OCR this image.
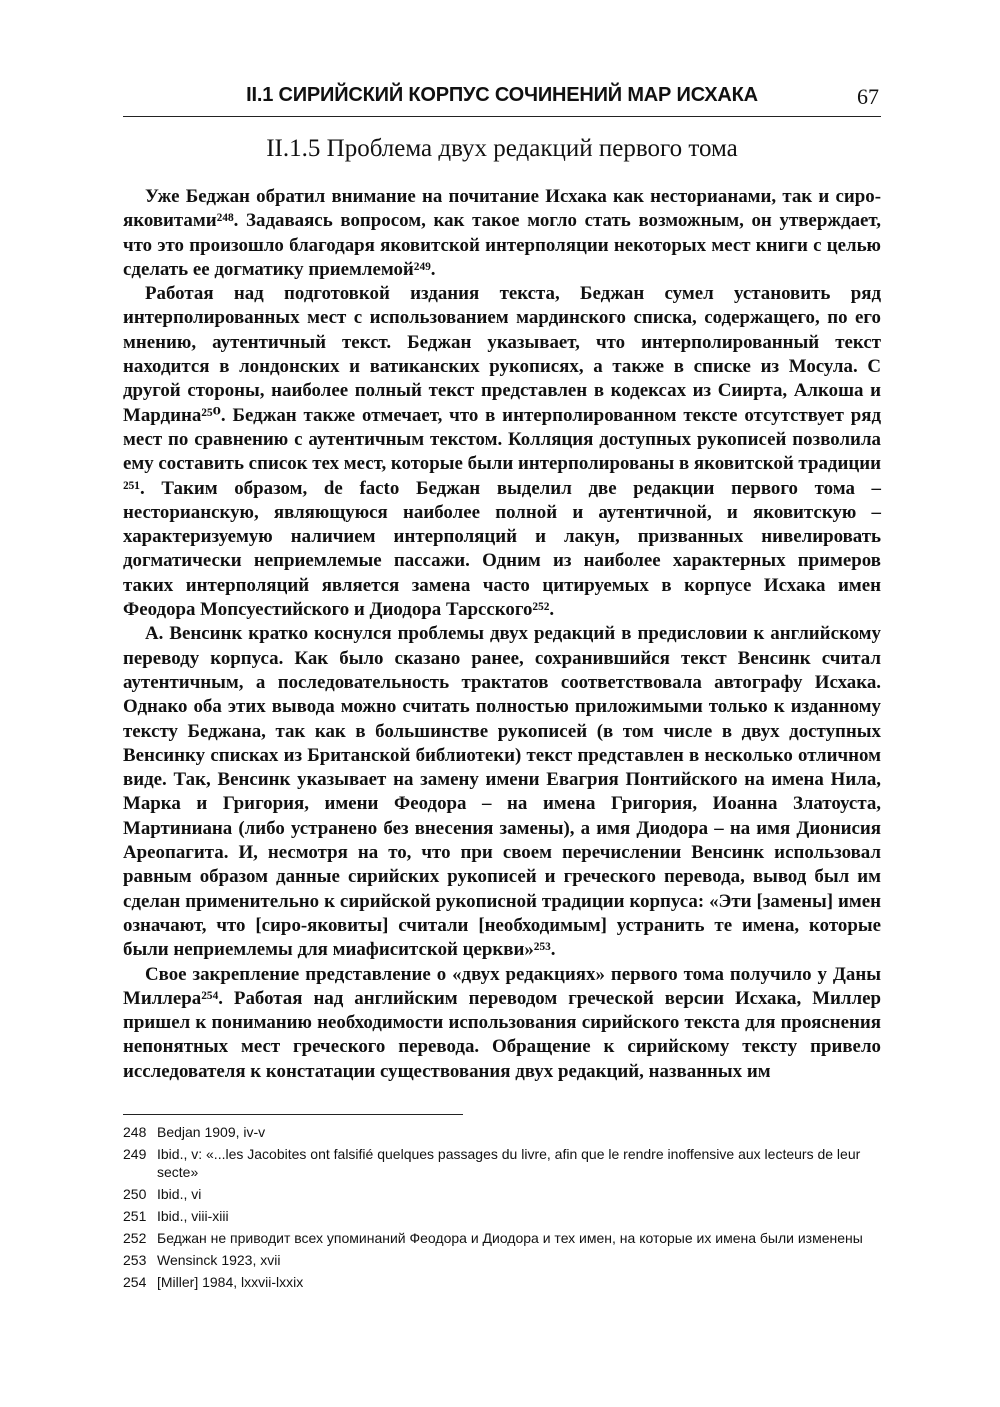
II.1 СИРИЙСКИЙ КОРПУС СОЧИНЕНИЙ МАР ИСХАКА	67
II.1.5 Проблема двух редакций первого тома

Уже Беджан обратил внимание на почитание Исхака как несторианами, так и сиро-яковитами²⁴⁸. Задаваясь вопросом, как такое могло стать возможным, он утверждает, что это произошло благодаря яковитской интерполяции некоторых мест книги с целью сделать ее догматику приемлемой²⁴⁹.

Работая над подготовкой издания текста, Беджан сумел установить ряд интерполированных мест с использованием мардинского списка, содержащего, по его мнению, аутентичный текст. Беджан указывает, что интерполированный текст находится в лондонских и ватиканских рукописях, а также в списке из Мосула. С другой стороны, наиболее полный текст представлен в кодексах из Сиирта, Алкоша и Мардина²⁵⁰. Беджан также отмечает, что в интерполированном тексте отсутствует ряд мест по сравнению с аутентичным текстом. Колляция доступных рукописей позволила ему составить список тех мест, которые были интерполированы в яковитской традиции ²⁵¹. Таким образом, de facto Беджан выделил две редакции первого тома – несторианскую, являющуюся наиболее полной и аутентичной, и яковитскую – характеризуемую наличием интерполяций и лакун, призванных нивелировать догматически неприемлемые пассажи. Одним из наиболее характерных примеров таких интерполяций является замена часто цитируемых в корпусе Исхака имен Феодора Мопсуестийского и Диодора Тарсского²⁵².

А. Венсинк кратко коснулся проблемы двух редакций в предисловии к английскому переводу корпуса. Как было сказано ранее, сохранившийся текст Венсинк считал аутентичным, а последовательность трактатов соответствовала автографу Исхака. Однако оба этих вывода можно считать полностью приложимыми только к изданному тексту Беджана, так как в большинстве рукописей (в том числе в двух доступных Венсинку списках из Британской библиотеки) текст представлен в несколько отличном виде. Так, Венсинк указывает на замену имени Евагрия Понтийского на имена Нила, Марка и Григория, имени Феодора – на имена Григория, Иоанна Златоуста, Мартиниана (либо устранено без внесения замены), а имя Диодора – на имя Дионисия Ареопагита. И, несмотря на то, что при своем перечислении Венсинк использовал равным образом данные сирийских рукописей и греческого перевода, вывод был им сделан применительно к сирийской рукописной традиции корпуса: «Эти [замены] имен означают, что [сиро-яковиты] считали [необходимым] устранить те имена, которые были неприемлемы для миафиситской церкви»²⁵³.

Свое закрепление представление о «двух редакциях» первого тома получило у Даны Миллера²⁵⁴. Работая над английским переводом греческой версии Исхака, Миллер пришел к пониманию необходимости использования сирийского текста для прояснения непонятных мест греческого перевода. Обращение к сирийскому тексту привело исследователя к констатации существования двух редакций, названных им

248 Bedjan 1909, iv-v
249 Ibid., v: «...les Jacobites ont falsifié quelques passages du livre, afin que le rendre inoffensive aux lecteurs de leur secte»
250 Ibid., vi
251 Ibid., viii-xiii
252 Беджан не приводит всех упоминаний Феодора и Диодора и тех имен, на которые их имена были изменены
253 Wensinck 1923, xvii
254 [Miller] 1984, lxxvii-lxxix
